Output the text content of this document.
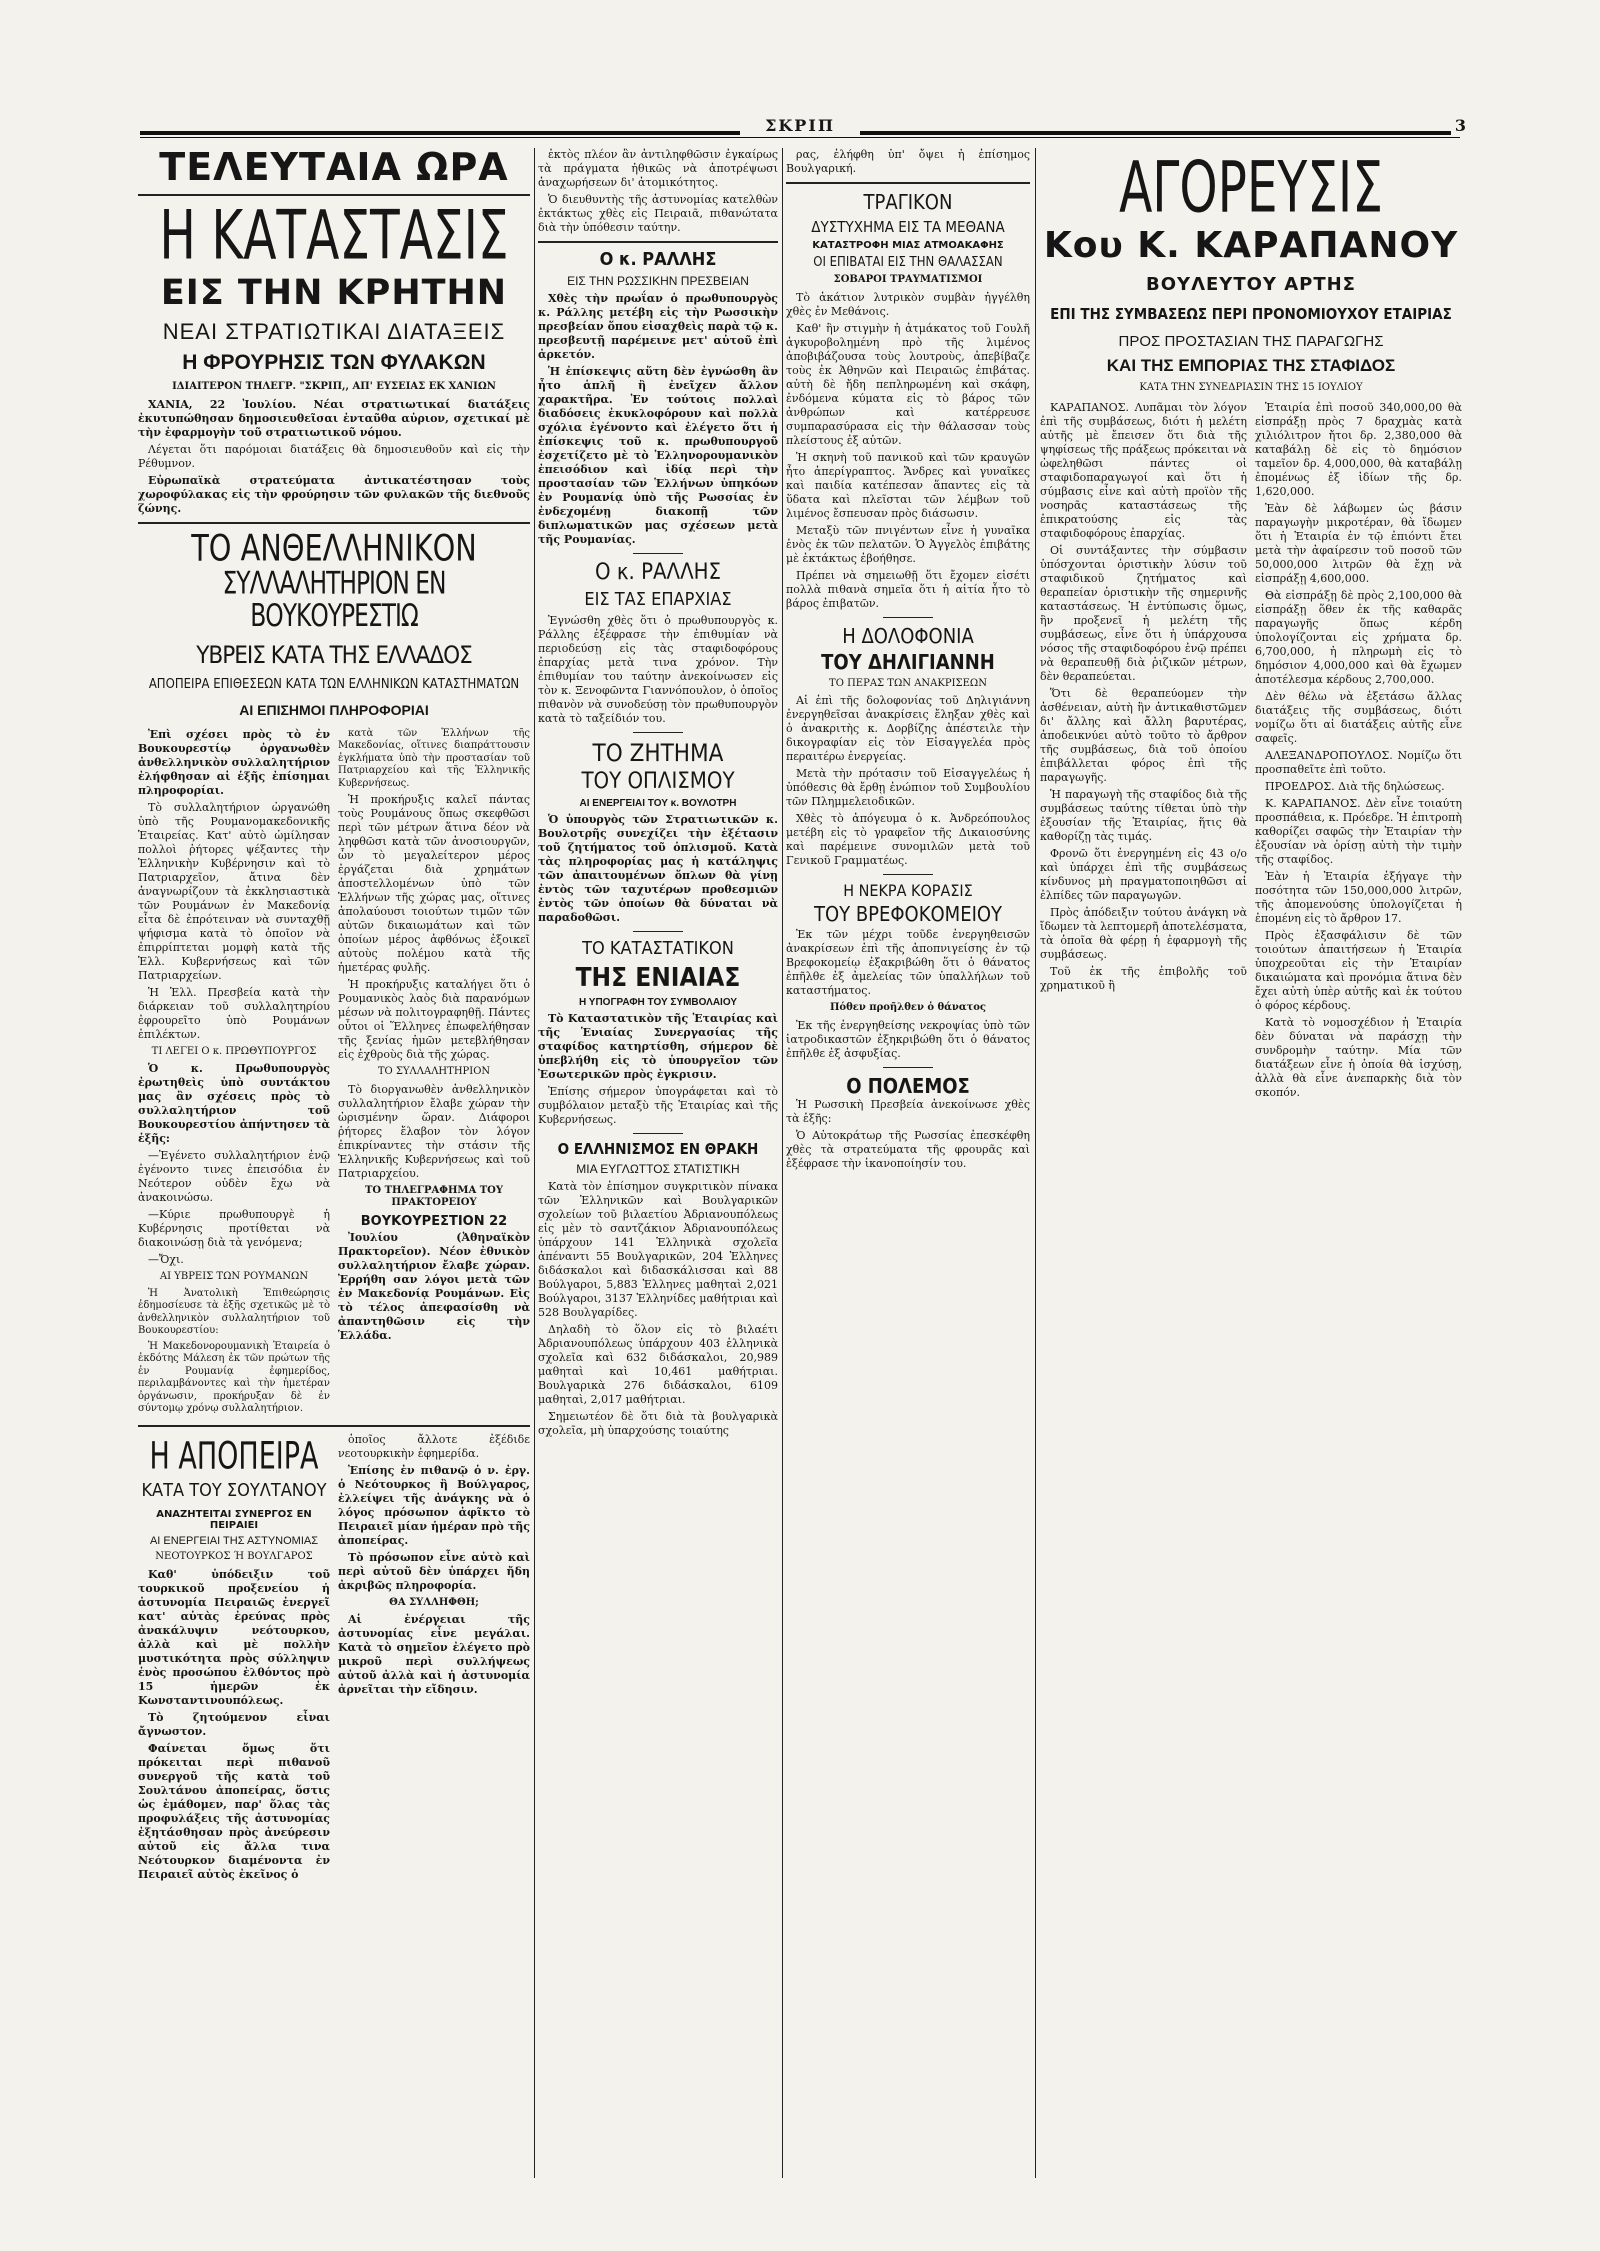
ΣΚΡΙΠ	3
ΤΕΛΕΥΤΑΙΑ ΩΡΑ
Η ΚΑΤΑΣΤΑΣΙΣ
ΕΙΣ ΤΗΝ ΚΡΗΤΗΝ
ΝΕΑΙ ΣΤΡΑΤΙΩΤΙΚΑΙ ΔΙΑΤΑΞΕΙΣ
Η ΦΡΟΥΡΗΣΙΣ ΤΩΝ ΦΥΛΑΚΩΝ
ΙΔΙΑΙΤΕΡΟΝ ΤΗΛΕΓΡ. "ΣΚΡΙΠ,, ΑΠ' ΕΥΣΕΙΑΣ ΕΚ ΧΑΝΙΩΝ

ΧΑΝΙΑ, 22 Ἰουλίου. Νέαι στρατιωτικαί διατάξεις ἐκυτυπώθησαν δημοσιευθεῖσαι ἐνταῦθα αὐριον, σχετικαί μὲ τὴν ἐφαρμογὴν τοῦ στρατιωτικοῦ νόμου.

Λέγεται ὅτι παρόμοιαι διατάξεις θὰ δημοσιευθοῦν καὶ εἰς τὴν Ρέθυμνον.

Εὐρωπαϊκὰ στρατεύματα ἀντικατέστησαν τοὺς χωροφύλακας εἰς τὴν φρούρησιν τῶν φυλακῶν τῆς διεθνοῦς ζώνης.

ΤΟ ΑΝΘΕΛΛΗΝΙΚΟΝ
ΣΥΛΛΑΛΗΤΗΡΙΟΝ ΕΝ ΒΟΥΚΟΥΡΕΣΤΙΩ
ΥΒΡΕΙΣ ΚΑΤΑ ΤΗΣ ΕΛΛΑΔΟΣ
ΑΠΟΠΕΙΡΑ ΕΠΙΘΕΣΕΩΝ ΚΑΤΑ ΤΩΝ ΕΛΛΗΝΙΚΩΝ ΚΑΤΑΣΤΗΜΑΤΩΝ
ΑΙ ΕΠΙΣΗΜΟΙ ΠΛΗΡΟΦΟΡΙΑΙ

Ἐπὶ σχέσει πρὸς τὸ ἐν Βουκουρεστίῳ ὀργανωθὲν ἀνθελληνικὸν συλλαλητήριον ἐλήφθησαν αἱ ἑξῆς ἐπίσημαι πληροφορίαι.

Τὸ συλλαλητήριον ὠργανώθη ὑπὸ τῆς Ρουμανομακεδονικῆς Ἑταιρείας. Κατ' αὐτὸ ὡμίλησαν πολλοὶ ῥήτορες ψέξαντες τὴν Ἑλληνικὴν Κυβέρνησιν καὶ τὸ Πατριαρχεῖον, ἄτινα δὲν ἀναγνωρίζουν τὰ ἐκκλησιαστικὰ τῶν Ρουμάνων ἐν Μακεδονίᾳ εἶτα δὲ ἐπρότειναν νὰ συνταχθῇ ψήφισμα κατὰ τὸ ὁποῖον νὰ ἐπιρρίπτεται μομφὴ κατὰ τῆς Ἑλλ. Κυβερνήσεως καὶ τῶν Πατριαρχείων.

Ἡ Ἑλλ. Πρεσβεία κατὰ τὴν διάρκειαν τοῦ συλλαλητηρίου ἐφρουρεῖτο ὑπὸ Ρουμάνων ἐπιλέκτων.

ΤΙ ΛΕΓΕΙ Ο κ. ΠΡΩΘΥΠΟΥΡΓΟΣ

Ὁ κ. Πρωθυπουργὸς ἐρωτηθεὶς ὑπὸ συντάκτου μας ἂν σχέσεις πρὸς τὸ συλλαλητήριον τοῦ Βουκουρεστίου ἀπήντησεν τὰ ἑξῆς:

—Ἐγένετο συλλαλητήριον ἐνῷ ἐγένοντο τινες ἐπεισόδια ἐν Νεότερον οὐδὲν ἔχω νὰ ἀνακοινώσω.

—Κύριε πρωθυπουργὲ ἡ Κυβέρνησις προτίθεται νὰ διακοινώσῃ διὰ τὰ γενόμενα;

—Ὄχι.

ΑΙ ΥΒΡΕΙΣ ΤΩΝ ΡΟΥΜΑΝΩΝ

Ἡ Ἀνατολικὴ Ἐπιθεώρησις ἐδημοσίευσε τὰ ἑξῆς σχετικῶς μὲ τὸ ἀνθελληνικὸν συλλαλητήριον τοῦ Βουκουρεστίου:

Ἡ Μακεδονορουμανικὴ Ἑταιρεία ὁ ἐκδότης Μάλεση ἐκ τῶν πρώτων τῆς ἐν Ρουμανίᾳ ἐφημερίδος, περιλαμβάνοντες καὶ τὴν ἡμετέραν ὀργάνωσιν, προκήρυξαν δὲ ἐν σύντομῳ χρόνῳ συλλαλητήριον.

κατὰ τῶν Ἑλλήνων τῆς Μακεδονίας, οἵτινες διαπράττουσιν ἐγκλήματα ὑπὸ τὴν προστασίαν τοῦ Πατριαρχείου καὶ τῆς Ἑλληνικῆς Κυβερνήσεως.

Ἡ προκήρυξις καλεῖ πάντας τοὺς Ρουμάνους ὅπως σκεφθῶσι περὶ τῶν μέτρων ἅτινα δέον νὰ ληφθῶσι κατὰ τῶν ἀνοσιουργῶν, ὧν τὸ μεγαλείτερον μέρος ἐργάζεται διὰ χρημάτων ἀποστελλομένων ὑπὸ τῶν Ἑλλήνων τῆς χώρας μας, οἵτινες ἀπολαύουσι τοιούτων τιμῶν τῶν αὐτῶν δικαιωμάτων καὶ τῶν ὁποίων μέρος ἀφθόνως ἐξοικεῖ αὐτοὺς πολέμου κατὰ τῆς ἡμετέρας φυλῆς.

Ἡ προκήρυξις καταλήγει ὅτι ὁ Ρουμανικὸς λαὸς διὰ παρανόμων μέσων νὰ πολιτογραφηθῇ. Πάντες οὗτοι οἱ Ἕλληνες ἐπωφελήθησαν τῆς ξενίας ἡμῶν μετεβλήθησαν εἰς ἐχθροὺς διὰ τῆς χώρας.

ΤΟ ΣΥΛΛΑΛΗΤΗΡΙΟΝ

Τὸ διοργανωθὲν ἀνθελληνικὸν συλλαλητήριον ἔλαβε χώραν τὴν ὡρισμένην ὥραν. Διάφοροι ῥήτορες ἔλαβον τὸν λόγον ἐπικρίναντες τὴν στάσιν τῆς Ἑλληνικῆς Κυβερνήσεως καὶ τοῦ Πατριαρχείου.

ΤΟ ΤΗΛΕΓΡΑΦΗΜΑ ΤΟΥ ΠΡΑΚΤΟΡΕΙΟΥ
ΒΟΥΚΟΥΡΕΣΤΙΟΝ 22

Ἰουλίου (Ἀθηναϊκὸν Πρακτορεῖον). Νέον ἐθνικὸν συλλαλητήριον ἔλαβε χώραν. Ἐρρήθη σαν λόγοι μετὰ τῶν ἐν Μακεδονίᾳ Ρουμάνων. Εἰς τὸ τέλος ἀπεφασίσθη νὰ ἀπαντηθῶσιν εἰς τὴν Ἑλλάδα.

Η ΑΠΟΠΕΙΡΑ
ΚΑΤΑ ΤΟΥ ΣΟΥΛΤΑΝΟΥ
ΑΝΑΖΗΤΕΙΤΑΙ ΣΥΝΕΡΓΟΣ ΕΝ ΠΕΙΡΑΙΕΙ
ΑΙ ΕΝΕΡΓΕΙΑΙ ΤΗΣ ΑΣΤΥΝΟΜΙΑΣ
ΝΕΟΤΟΥΡΚΟΣ Ή ΒΟΥΛΓΑΡΟΣ

Καθ' ὑπόδειξιν τοῦ τουρκικοῦ προξενείου ἡ ἀστυνομία Πειραιῶς ἐνεργεῖ κατ' αὐτὰς ἐρεύνας πρὸς ἀνακάλυψιν νεότουρκου, ἀλλὰ καὶ μὲ πολλὴν μυστικότητα πρὸς σύλληψιν ἑνὸς προσώπου ἐλθόντος πρὸ 15 ἡμερῶν ἐκ Κωνσταντινουπόλεως.

Τὸ ζητούμενον εἶναι ἄγνωστον.

Φαίνεται ὅμως ὅτι πρόκειται περὶ πιθανοῦ συνεργοῦ τῆς κατὰ τοῦ Σουλτάνου ἀποπείρας, ὅστις ὡς ἐμάθομεν, παρ' ὅλας τὰς προφυλάξεις τῆς ἀστυνομίας ἐξητάσθησαν πρὸς ἀνεύρεσιν αὐτοῦ εἰς ἄλλα τινα Νεότουρκον διαμένοντα ἐν Πειραιεῖ αὐτὸς ἐκεῖνος ὁ

ὁποῖος ἄλλοτε ἐξέδιδε νεοτουρκικὴν ἐφημερίδα.

Ἐπίσης ἐν πιθανῷ ὁ ν. ἐργ. ὁ Νεότουρκος ἢ Βούλγαρος, ἐλλείψει τῆς ἀνάγκης νὰ ὁ λόγος πρόσωπον ἀφῖκτο τὸ Πειραιεῖ μίαν ἡμέραν πρὸ τῆς ἀποπείρας.

Τὸ πρόσωπον εἶνε αὐτὸ καὶ περὶ αὐτοῦ δὲν ὑπάρχει ἤδη ἀκριβῶς πληροφορία.

ΘΑ ΣΥΛΛΗΦΘΗ;

Αἱ ἐνέργειαι τῆς ἀστυνομίας εἶνε μεγάλαι. Κατὰ τὸ σημεῖον ἐλέγετο πρὸ μικροῦ περὶ συλλήψεως αὐτοῦ ἀλλὰ καὶ ἡ ἀστυνομία ἀρνεῖται τὴν εἴδησιν.

ἐκτὸς πλέον ἂν ἀντιληφθῶσιν ἐγκαίρως τὰ πράγματα ἠθικῶς νὰ ἀποτρέψωσι ἀναχωρήσεων δι' ἀτομικότητος.

Ὁ διευθυντὴς τῆς ἀστυνομίας κατελθὼν ἐκτάκτως χθὲς εἰς Πειραιᾶ, πιθανώτατα διὰ τὴν ὑπόθεσιν ταύτην.

Ο κ. ΡΑΛΛΗΣ
ΕΙΣ ΤΗΝ ΡΩΣΣΙΚΗΝ ΠΡΕΣΒΕΙΑΝ

Χθὲς τὴν πρωΐαν ὁ πρωθυπουργὸς κ. Ράλλης μετέβη εἰς τὴν Ρωσσικὴν πρεσβείαν ὅπου εἰσαχθεὶς παρὰ τῷ κ. πρεσβευτῇ παρέμεινε μετ' αὐτοῦ ἐπὶ ἀρκετόν.

Ἡ ἐπίσκεψις αὕτη δὲν ἐγνώσθη ἂν ἦτο ἁπλῆ ἢ ἐνεῖχεν ἄλλον χαρακτῆρα. Ἐν τούτοις πολλαὶ διαδόσεις ἐκυκλοφόρουν καὶ πολλὰ σχόλια ἐγένοντο καὶ ἐλέγετο ὅτι ἡ ἐπίσκεψις τοῦ κ. πρωθυπουργοῦ ἐσχετίζετο μὲ τὸ Ἑλληνορουμανικὸν ἐπεισόδιον καὶ ἰδίᾳ περὶ τὴν προστασίαν τῶν Ἑλλήνων ὑπηκόων ἐν Ρουμανίᾳ ὑπὸ τῆς Ρωσσίας ἐν ἐνδεχομένῃ διακοπῇ τῶν διπλωματικῶν μας σχέσεων μετὰ τῆς Ρουμανίας.

Ο κ. ΡΑΛΛΗΣ
ΕΙΣ ΤΑΣ ΕΠΑΡΧΙΑΣ

Ἐγνώσθη χθὲς ὅτι ὁ πρωθυπουργὸς κ. Ράλλης ἐξέφρασε τὴν ἐπιθυμίαν νὰ περιοδεύσῃ εἰς τὰς σταφιδοφόρους ἐπαρχίας μετὰ τινα χρόνον. Τὴν ἐπιθυμίαν του ταύτην ἀνεκοίνωσεν εἰς τὸν κ. Ξενοφῶντα Γιαννόπουλον, ὁ ὁποῖος πιθανὸν νὰ συνοδεύσῃ τὸν πρωθυπουργὸν κατὰ τὸ ταξείδιόν του.

ΤΟ ΖΗΤΗΜΑ
ΤΟΥ ΟΠΛΙΣΜΟΥ
ΑΙ ΕΝΕΡΓΕΙΑΙ ΤΟΥ κ. ΒΟΥΛΟΤΡΗ

Ὁ ὑπουργὸς τῶν Στρατιωτικῶν κ. Βουλοτρῆς συνεχίζει τὴν ἐξέτασιν τοῦ ζητήματος τοῦ ὁπλισμοῦ. Κατὰ τὰς πληροφορίας μας ἡ κατάληψις τῶν ἀπαιτουμένων ὅπλων θὰ γίνῃ ἐντὸς τῶν ταχυτέρων προθεσμιῶν ἐντὸς τῶν ὁποίων θὰ δύναται νὰ παραδοθῶσι.

ΤΟ ΚΑΤΑΣΤΑΤΙΚΟΝ
ΤΗΣ ΕΝΙΑΙΑΣ
Η ΥΠΟΓΡΑΦΗ ΤΟΥ ΣΥΜΒΟΛΑΙΟΥ

Τὸ Καταστατικὸν τῆς Ἑταιρίας καὶ τῆς Ἑνιαίας Συνεργασίας τῆς σταφίδος κατηρτίσθη, σήμερον δὲ ὑπεβλήθη εἰς τὸ ὑπουργεῖον τῶν Ἐσωτερικῶν πρὸς ἐγκρισιν.

Ἐπίσης σήμερον ὑπογράφεται καὶ τὸ συμβόλαιον μεταξὺ τῆς Ἑταιρίας καὶ τῆς Κυβερνήσεως.

Ο ΕΛΛΗΝΙΣΜΟΣ ΕΝ ΘΡΑΚΗ
ΜΙΑ ΕΥΓΛΩΤΤΟΣ ΣΤΑΤΙΣΤΙΚΗ

Κατὰ τὸν ἐπίσημον συγκριτικὸν πίνακα τῶν Ἑλληνικῶν καὶ Βουλγαρικῶν σχολείων τοῦ βιλαετίου Ἀδριανουπόλεως εἰς μὲν τὸ σαντζάκιον Ἀδριανουπόλεως ὑπάρχουν 141 Ἑλληνικὰ σχολεῖα ἀπέναντι 55 Βουλγαρικῶν, 204 Ἑλληνες διδάσκαλοι καὶ διδασκάλισσαι καὶ 88 Βούλγαροι, 5,883 Ἑλληνες μαθηταὶ 2,021 Βούλγαροι, 3137 Ἑλληνίδες μαθήτριαι καὶ 528 Βουλγαρίδες.

Δηλαδὴ τὸ ὅλον εἰς τὸ βιλαέτι Ἀδριανουπόλεως ὑπάρχουν 403 ἑλληνικὰ σχολεῖα καὶ 632 διδάσκαλοι, 20,989 μαθηταὶ καὶ 10,461 μαθήτριαι. Βουλγαρικὰ 276 διδάσκαλοι, 6109 μαθηταὶ, 2,017 μαθήτριαι.

Σημειωτέον δὲ ὅτι διὰ τὰ βουλγαρικὰ σχολεῖα, μὴ ὑπαρχούσης τοιαύτης

ρας, ἐλήφθη ὑπ' ὄψει ἡ ἐπίσημος Βουλγαρική.

ΤΡΑΓΙΚΟΝ
ΔΥΣΤΥΧΗΜΑ ΕΙΣ ΤΑ ΜΕΘΑΝΑ
ΚΑΤΑΣΤΡΟΦΗ ΜΙΑΣ ΑΤΜΟΑΚΑΦΗΣ
ΟΙ ΕΠΙΒΑΤΑΙ ΕΙΣ ΤΗΝ ΘΑΛΑΣΣΑΝ
ΣΟΒΑΡΟΙ ΤΡΑΥΜΑΤΙΣΜΟΙ

Τὸ ἀκάτιον λυτρικὸν συμβὰν ἠγγέλθη χθὲς ἐν Μεθάνοις.

Καθ' ἣν στιγμὴν ἡ ἀτμάκατος τοῦ Γουλῆ ἀγκυροβολημένη πρὸ τῆς λιμένος ἀποβιβάζουσα τοὺς λουτροὺς, ἀπεβίβαζε τοὺς ἐκ Ἀθηνῶν καὶ Πειραιῶς ἐπιβάτας. αὐτὴ δὲ ἤδη πεπληρωμένη καὶ σκάφη, ἐνδόμενα κύματα εἰς τὸ βάρος τῶν ἀνθρώπων καὶ κατέρρευσε συμπαρασύρασα εἰς τὴν θάλασσαν τοὺς πλείστους ἐξ αὐτῶν.

Ἡ σκηνὴ τοῦ πανικοῦ καὶ τῶν κραυγῶν ἦτο ἀπερίγραπτος. Ἄνδρες καὶ γυναῖκες καὶ παιδία κατέπεσαν ἅπαντες εἰς τὰ ὕδατα καὶ πλεῖσται τῶν λέμβων τοῦ λιμένος ἔσπευσαν πρὸς διάσωσιν.

Μεταξὺ τῶν πνιγέντων εἶνε ἡ γυναῖκα ἑνὸς ἐκ τῶν πελατῶν. Ὁ Ἀγγελὸς ἐπιβάτης μὲ ἐκτάκτως ἐβοήθησε.

Πρέπει νὰ σημειωθῇ ὅτι ἔχομεν εἰσέτι πολλὰ πιθανὰ σημεῖα ὅτι ἡ αἰτία ἦτο τὸ βάρος ἐπιβατῶν.

Η ΔΟΛΟΦΟΝΙΑ
ΤΟΥ ΔΗΛΙΓΙΑΝΝΗ
ΤΟ ΠΕΡΑΣ ΤΩΝ ΑΝΑΚΡΙΣΕΩΝ

Αἱ ἐπὶ τῆς δολοφονίας τοῦ Δηλιγιάννη ἐνεργηθεῖσαι ἀνακρίσεις ἔληξαν χθὲς καὶ ὁ ἀνακριτὴς κ. Δορβίζης ἀπέστειλε τὴν δικογραφίαν εἰς τὸν Εἰσαγγελέα πρὸς περαιτέρω ἐνεργείας.

Μετὰ τὴν πρότασιν τοῦ Εἰσαγγελέως ἡ ὑπόθεσις θὰ ἔρθῃ ἐνώπιον τοῦ Συμβουλίου τῶν Πλημμελειοδικῶν.

Χθὲς τὸ ἀπόγευμα ὁ κ. Ἀνδρεόπουλος μετέβη εἰς τὸ γραφεῖον τῆς Δικαιοσύνης καὶ παρέμεινε συνομιλῶν μετὰ τοῦ Γενικοῦ Γραμματέως.

Η ΝΕΚΡΑ ΚΟΡΑΣΙΣ
ΤΟΥ ΒΡΕΦΟΚΟΜΕΙΟΥ

Ἐκ τῶν μέχρι τοῦδε ἐνεργηθεισῶν ἀνακρίσεων ἐπὶ τῆς ἀποπνιγείσης ἐν τῷ Βρεφοκομείῳ ἐξακριβώθη ὅτι ὁ θάνατος ἐπῆλθε ἐξ ἀμελείας τῶν ὑπαλλήλων τοῦ καταστήματος.

Πόθεν προῆλθεν ὁ θάνατος

Ἐκ τῆς ἐνεργηθείσης νεκροψίας ὑπὸ τῶν ἰατροδικαστῶν ἐξηκριβώθη ὅτι ὁ θάνατος ἐπῆλθε ἐξ ἀσφυξίας.

Ο ΠΟΛΕΜΟΣ

Ἡ Ρωσσικὴ Πρεσβεία ἀνεκοίνωσε χθὲς τὰ ἑξῆς:

Ὁ Αὐτοκράτωρ τῆς Ρωσσίας ἐπεσκέφθη χθὲς τὰ στρατεύματα τῆς φρουρᾶς καὶ ἐξέφρασε τὴν ἱκανοποίησίν του.

ΑΓΟΡΕΥΣΙΣ
Κου Κ. ΚΑΡΑΠΑΝΟΥ
ΒΟΥΛΕΥΤΟΥ ΑΡΤΗΣ
ΕΠΙ ΤΗΣ ΣΥΜΒΑΣΕΩΣ ΠΕΡΙ ΠΡΟΝΟΜΙΟΥΧΟΥ ΕΤΑΙΡΙΑΣ
ΠΡΟΣ ΠΡΟΣΤΑΣΙΑΝ ΤΗΣ ΠΑΡΑΓΩΓΗΣ
ΚΑΙ ΤΗΣ ΕΜΠΟΡΙΑΣ ΤΗΣ ΣΤΑΦΙΔΟΣ
ΚΑΤΑ ΤΗΝ ΣΥΝΕΔΡΙΑΣΙΝ ΤΗΣ 15 ΙΟΥΛΙΟΥ

ΚΑΡΑΠΑΝΟΣ. Λυπᾶμαι τὸν λόγον ἐπὶ τῆς συμβάσεως, διότι ἡ μελέτη αὐτῆς μὲ ἔπεισεν ὅτι διὰ τῆς ψηφίσεως τῆς πράξεως πρόκειται νὰ ὠφεληθῶσι πάντες οἱ σταφιδοπαραγωγοί καὶ ὅτι ἡ σύμβασις εἶνε καὶ αὐτὴ προϊὸν τῆς νοσηρᾶς καταστάσεως τῆς ἐπικρατούσης εἰς τὰς σταφιδοφόρους ἐπαρχίας.

Οἱ συντάξαντες τὴν σύμβασιν ὑπόσχονται ὁριστικὴν λύσιν τοῦ σταφιδικοῦ ζητήματος καὶ θεραπείαν ὁριστικὴν τῆς σημερινῆς καταστάσεως. Ἡ ἐντύπωσις ὅμως, ἣν προξενεῖ ἡ μελέτη τῆς συμβάσεως, εἶνε ὅτι ἡ ὑπάρχουσα νόσος τῆς σταφιδοφόρου ἐνῷ πρέπει νὰ θεραπευθῇ διὰ ῥιζικῶν μέτρων, δὲν θεραπεύεται.

Ὅτι δὲ θεραπεύομεν τὴν ἀσθένειαν, αὐτὴ ἣν ἀντικαθιστῶμεν δι' ἄλλης καὶ ἄλλη βαρυτέρας, ἀποδεικνύει αὐτὸ τοῦτο τὸ ἄρθρον τῆς συμβάσεως, διὰ τοῦ ὁποίου ἐπιβάλλεται φόρος ἐπὶ τῆς παραγωγῆς.

Ἡ παραγωγὴ τῆς σταφίδος διὰ τῆς συμβάσεως ταύτης τίθεται ὑπὸ τὴν ἐξουσίαν τῆς Ἑταιρίας, ἥτις θὰ καθορίζῃ τὰς τιμάς.

Φρονῶ ὅτι ἐνεργημένη εἰς 43 ο/ο καὶ ὑπάρχει ἐπὶ τῆς συμβάσεως κίνδυνος μὴ πραγματοποιηθῶσι αἱ ἐλπίδες τῶν παραγωγῶν.

Πρὸς ἀπόδειξιν τούτου ἀνάγκη νὰ ἴδωμεν τὰ λεπτομερῆ ἀποτελέσματα, τὰ ὁποῖα θὰ φέρῃ ἡ ἐφαρμογὴ τῆς συμβάσεως.

Τοῦ ἐκ τῆς ἐπιβολῆς τοῦ χρηματικοῦ ἢ

Ἑταιρία ἐπὶ ποσοῦ 340,000,00 θὰ εἰσπράξῃ πρὸς 7 δραχμὰς κατὰ χιλιόλιτρον ἤτοι δρ. 2,380,000 θὰ καταβάλῃ δὲ εἰς τὸ δημόσιον ταμεῖον δρ. 4,000,000, θὰ καταβάλῃ ἐπομένως ἐξ ἰδίων τῆς δρ. 1,620,000.

Ἐὰν δὲ λάβωμεν ὡς βάσιν παραγωγὴν μικροτέραν, θὰ ἴδωμεν ὅτι ἡ Ἑταιρία ἐν τῷ ἐπιόντι ἔτει μετὰ τὴν ἀφαίρεσιν τοῦ ποσοῦ τῶν 50,000,000 λιτρῶν θὰ ἔχῃ νὰ εἰσπράξῃ 4,600,000.

Θὰ εἰσπράξῃ δὲ πρὸς 2,100,000 θὰ εἰσπράξῃ ὅθεν ἐκ τῆς καθαρᾶς παραγωγῆς ὅπως κέρδη ὑπολογίζονται εἰς χρήματα δρ. 6,700,000, ἡ πληρωμὴ εἰς τὸ δημόσιον 4,000,000 καὶ θὰ ἔχωμεν ἀποτέλεσμα κέρδους 2,700,000.

Δὲν θέλω νὰ ἐξετάσω ἄλλας διατάξεις τῆς συμβάσεως, διότι νομίζω ὅτι αἱ διατάξεις αὐτῆς εἶνε σαφεῖς.

ΑΛΕΞΑΝΔΡΟΠΟΥΛΟΣ. Νομίζω ὅτι προσπαθεῖτε ἐπὶ τοῦτο.

ΠΡΟΕΔΡΟΣ. Διὰ τῆς δηλώσεως.

Κ. ΚΑΡΑΠΑΝΟΣ. Δὲν εἶνε τοιαύτη προσπάθεια, κ. Πρόεδρε. Ἡ ἐπιτροπὴ καθορίζει σαφῶς τὴν Ἑταιρίαν τὴν ἐξουσίαν νὰ ὁρίσῃ αὐτὴ τὴν τιμὴν τῆς σταφίδος.

Ἐὰν ἡ Ἑταιρία ἐξήγαγε τὴν ποσότητα τῶν 150,000,000 λιτρῶν, τῆς ἀπομενούσης ὑπολογίζεται ἡ ἑπομένη εἰς τὸ ἄρθρον 17.

Πρὸς ἐξασφάλισιν δὲ τῶν τοιούτων ἀπαιτήσεων ἡ Ἑταιρία ὑποχρεοῦται εἰς τὴν Ἑταιρίαν δικαιώματα καὶ προνόμια ἅτινα δὲν ἔχει αὐτὴ ὑπὲρ αὐτῆς καὶ ἐκ τούτου ὁ φόρος κέρδους.

Κατὰ τὸ νομοσχέδιον ἡ Ἑταιρία δὲν δύναται νὰ παράσχῃ τὴν συνδρομὴν ταύτην. Μία τῶν διατάξεων εἶνε ἡ ὁποία θὰ ἰσχύσῃ, ἀλλὰ θὰ εἶνε ἀνεπαρκὴς διὰ τὸν σκοπόν.
